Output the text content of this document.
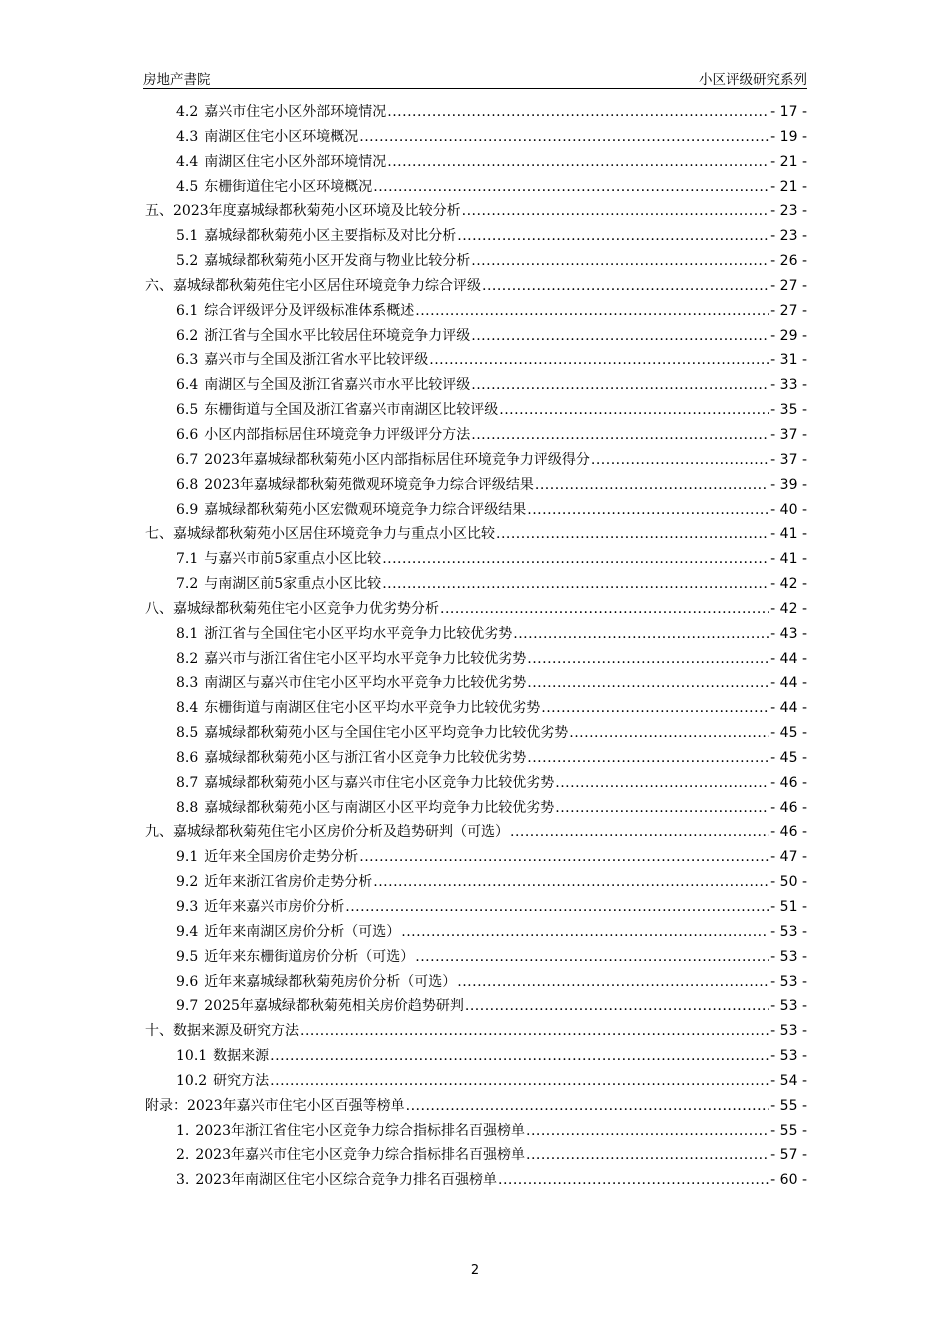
房地产書院	小区评级研究系列
4.2 嘉兴市住宅小区外部环境情况 .....	- 17 -
4.3 南湖区住宅小区环境概况 .....	- 19 -
4.4 南湖区住宅小区外部环境情况 .....	- 21 -
4.5 东栅街道住宅小区环境概况 .....	- 21 -
五、2023年度嘉城绿都秋菊苑小区环境及比较分析 .....	- 23 -
5.1 嘉城绿都秋菊苑小区主要指标及对比分析 .....	- 23 -
5.2 嘉城绿都秋菊苑小区开发商与物业比较分析 .....	- 26 -
六、嘉城绿都秋菊苑住宅小区居住环境竞争力综合评级 .....	- 27 -
6.1 综合评级评分及评级标准体系概述 .....	- 27 -
6.2 浙江省与全国水平比较居住环境竞争力评级 .....	- 29 -
6.3 嘉兴市与全国及浙江省水平比较评级 .....	- 31 -
6.4 南湖区与全国及浙江省嘉兴市水平比较评级 .....	- 33 -
6.5 东栅街道与全国及浙江省嘉兴市南湖区比较评级 .....	- 35 -
6.6 小区内部指标居住环境竞争力评级评分方法 .....	- 37 -
6.7 2023年嘉城绿都秋菊苑小区内部指标居住环境竞争力评级得分 .....	- 37 -
6.8 2023年嘉城绿都秋菊苑微观环境竞争力综合评级结果 .....	- 39 -
6.9 嘉城绿都秋菊苑小区宏微观环境竞争力综合评级结果 .....	- 40 -
七、嘉城绿都秋菊苑小区居住环境竞争力与重点小区比较 .....	- 41 -
7.1 与嘉兴市前5家重点小区比较 .....	- 41 -
7.2 与南湖区前5家重点小区比较 .....	- 42 -
八、嘉城绿都秋菊苑住宅小区竞争力优劣势分析 .....	- 42 -
8.1 浙江省与全国住宅小区平均水平竞争力比较优劣势 .....	- 43 -
8.2 嘉兴市与浙江省住宅小区平均水平竞争力比较优劣势 .....	- 44 -
8.3 南湖区与嘉兴市住宅小区平均水平竞争力比较优劣势 .....	- 44 -
8.4 东栅街道与南湖区住宅小区平均水平竞争力比较优劣势 .....	- 44 -
8.5 嘉城绿都秋菊苑小区与全国住宅小区平均竞争力比较优劣势 .....	- 45 -
8.6 嘉城绿都秋菊苑小区与浙江省小区竞争力比较优劣势 .....	- 45 -
8.7 嘉城绿都秋菊苑小区与嘉兴市住宅小区竞争力比较优劣势 .....	- 46 -
8.8 嘉城绿都秋菊苑小区与南湖区小区平均竞争力比较优劣势 .....	- 46 -
九、嘉城绿都秋菊苑住宅小区房价分析及趋势研判（可选） .....	- 46 -
9.1 近年来全国房价走势分析 .....	- 47 -
9.2 近年来浙江省房价走势分析 .....	- 50 -
9.3 近年来嘉兴市房价分析 .....	- 51 -
9.4 近年来南湖区房价分析（可选） .....	- 53 -
9.5 近年来东栅街道房价分析（可选） .....	- 53 -
9.6 近年来嘉城绿都秋菊苑房价分析（可选） .....	- 53 -
9.7 2025年嘉城绿都秋菊苑相关房价趋势研判 .....	- 53 -
十、数据来源及研究方法 .....	- 53 -
10.1 数据来源 .....	- 53 -
10.2 研究方法 .....	- 54 -
附录：2023年嘉兴市住宅小区百强等榜单 .....	- 55 -
1. 2023年浙江省住宅小区竞争力综合指标排名百强榜单 .....	- 55 -
2. 2023年嘉兴市住宅小区竞争力综合指标排名百强榜单 .....	- 57 -
3. 2023年南湖区住宅小区综合竞争力排名百强榜单 .....	- 60 -
2
